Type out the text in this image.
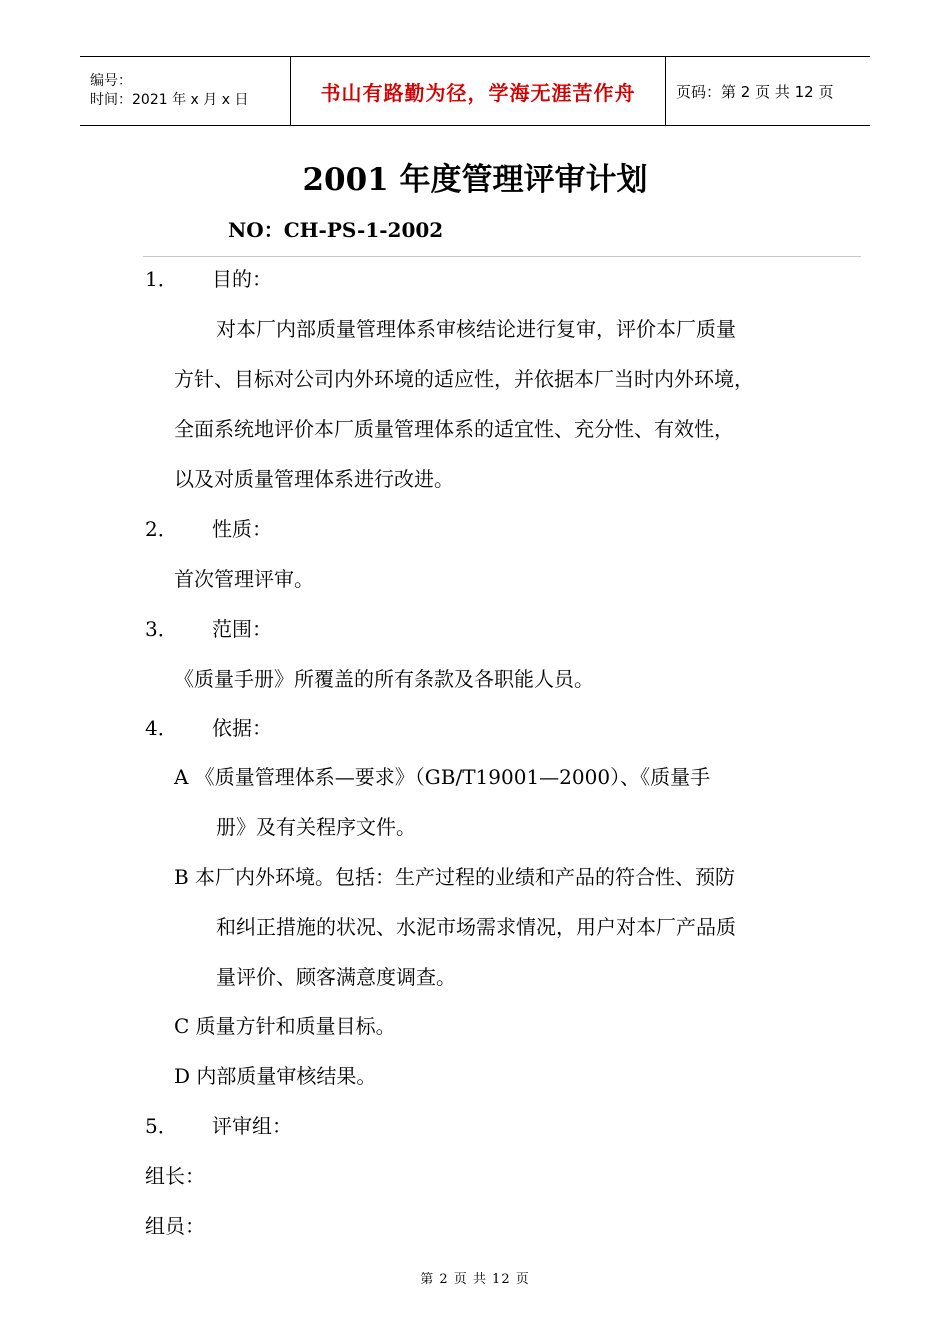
编号：
时间：2021 年 x 月 x 日	书山有路勤为径，学海无涯苦作舟	页码：第 2 页 共 12 页
2001 年度管理评审计划
NO：CH-PS-1-2002
1． 目的：
对本厂内部质量管理体系审核结论进行复审，评价本厂质量
方针、目标对公司内外环境的适应性，并依据本厂当时内外环境，
全面系统地评价本厂质量管理体系的适宜性、充分性、有效性，
以及对质量管理体系进行改进。
2． 性质：
首次管理评审。
3． 范围：
《质量手册》所覆盖的所有条款及各职能人员。
4． 依据：
A 《质量管理体系—要求》（GB/T19001—2000）、《质量手
册》及有关程序文件。
B 本厂内外环境。包括：生产过程的业绩和产品的符合性、预防
和纠正措施的状况、水泥市场需求情况，用户对本厂产品质
量评价、顾客满意度调查。
C 质量方针和质量目标。
D 内部质量审核结果。
5． 评审组：
组长：
组员：
第 2 页 共 12 页
